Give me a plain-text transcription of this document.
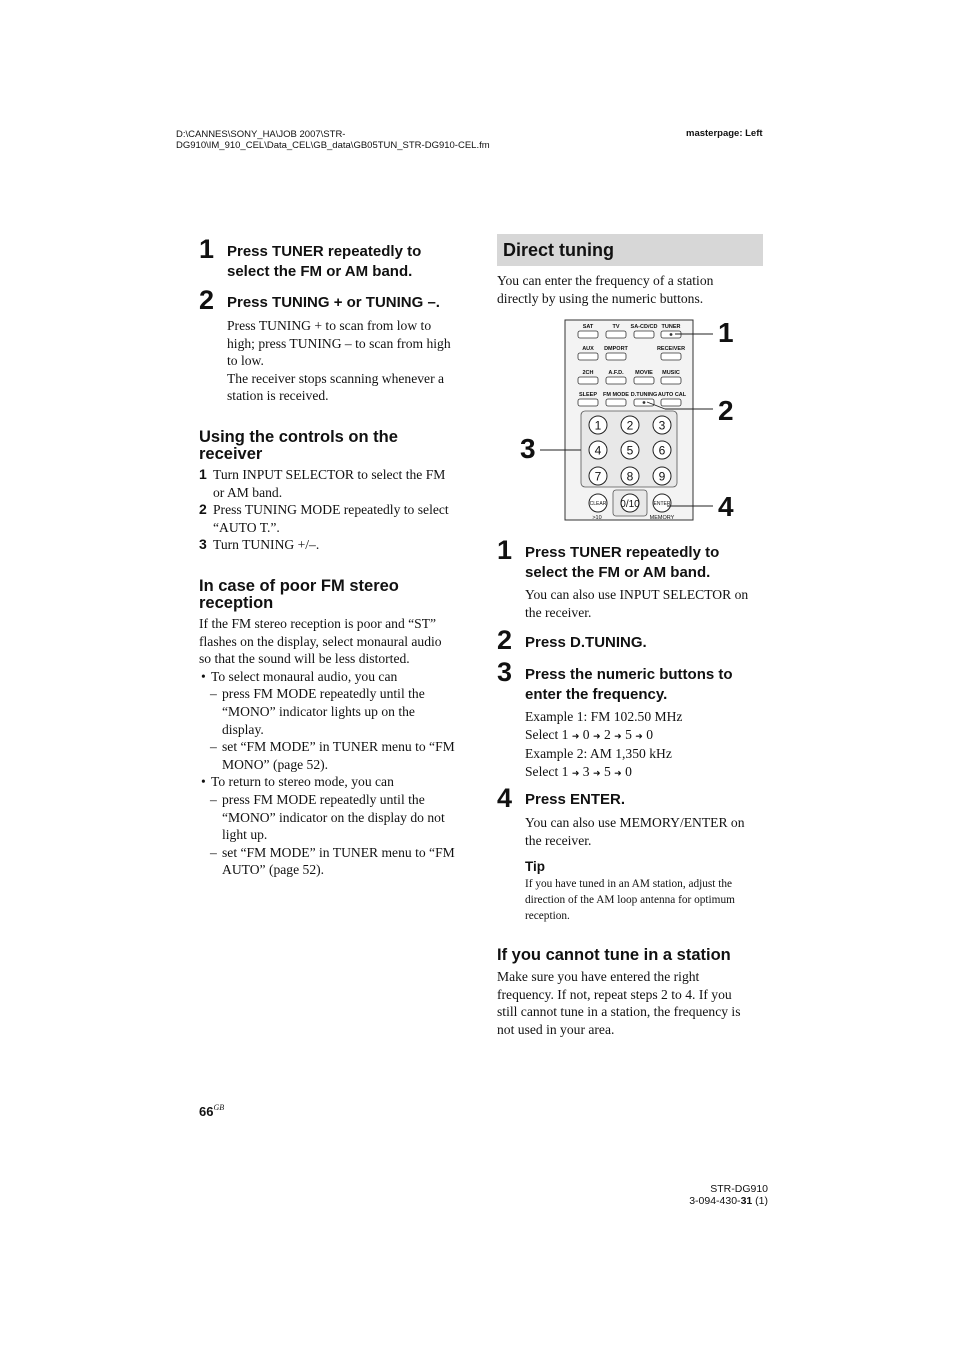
D:\CANNES\SONY_HA\JOB 2007\STR-
DG910\IM_910_CEL\Data_CEL\GB_data\GB05TUN_STR-DG910-CEL.fm
masterpage: Left
1 Press TUNER repeatedly to
select the FM or AM band.
2 Press TUNING + or TUNING –.
Press TUNING + to scan from low to
high; press TUNING – to scan from high
to low.
The receiver stops scanning whenever a
station is received.
Using the controls on the
receiver
1 Turn INPUT SELECTOR to select the FM
or AM band.
2 Press TUNING MODE repeatedly to select
“AUTO T.”.
3 Turn TUNING +/–.
In case of poor FM stereo
reception
If the FM stereo reception is poor and “ST”
flashes on the display, select monaural audio
so that the sound will be less distorted.
• To select monaural audio, you can
– press FM MODE repeatedly until the
“MONO” indicator lights up on the
display.
– set “FM MODE” in TUNER menu to “FM
MONO” (page 52).
• To return to stereo mode, you can
– press FM MODE repeatedly until the
“MONO” indicator on the display do not
light up.
– set “FM MODE” in TUNER menu to “FM
AUTO” (page 52).
Direct tuning
You can enter the frequency of a station
directly by using the numeric buttons.
SAT	TV SA-CD/CD TUNER
AUX DMPORT	RECEIVER
2CH	A.F.D. MOVIE MUSIC
SLEEP FM MODE D.TUNING AUTO CAL
1 2 3
4 5 6
7 8 9
CLEAR 0/10	ENTER
>10	MEMORY
1
2
3
4
1 Press TUNER repeatedly to
select the FM or AM band.
You can also use INPUT SELECTOR on
the receiver.
2 Press D.TUNING.
3 Press the numeric buttons to
enter the frequency.
Example 1: FM 102.50 MHz
Select 1 ➜ 0 ➜ 2 ➜ 5 ➜ 0
Example 2: AM 1,350 kHz
Select 1 ➜ 3 ➜ 5 ➜ 0
4 Press ENTER.
You can also use MEMORY/ENTER on
the receiver.
Tip
If you have tuned in an AM station, adjust the
direction of the AM loop antenna for optimum
reception.
If you cannot tune in a station
Make sure you have entered the right
frequency. If not, repeat steps 2 to 4. If you
still cannot tune in a station, the frequency is
not used in your area.
$66^{GB}$
STR-DG910
3-094-430-31 (1)
